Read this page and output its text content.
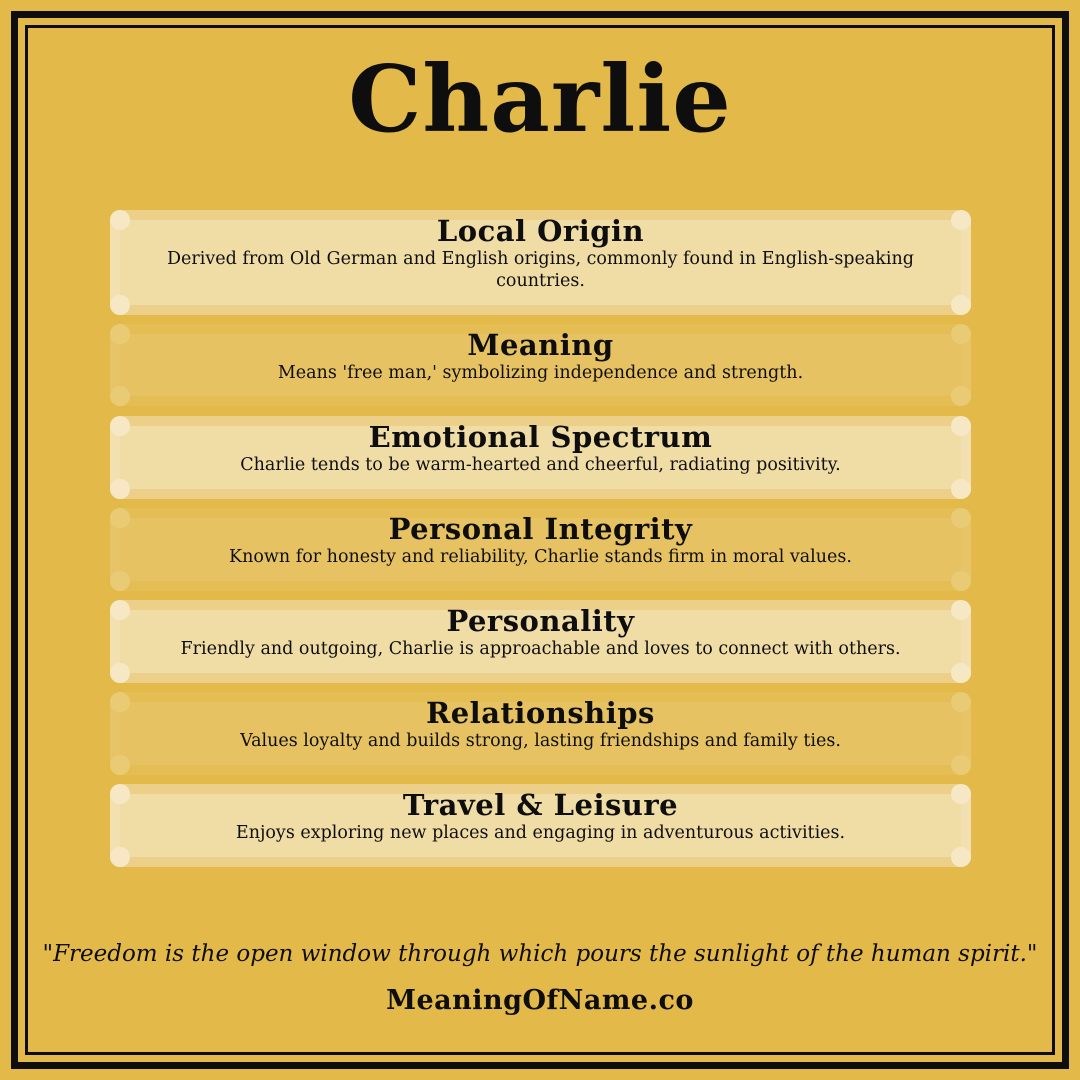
Charlie
Local Origin
Derived from Old German and English origins, commonly found in English-speaking countries.
Meaning
Means 'free man,' symbolizing independence and strength.
Emotional Spectrum
Charlie tends to be warm-hearted and cheerful, radiating positivity.
Personal Integrity
Known for honesty and reliability, Charlie stands firm in moral values.
Personality
Friendly and outgoing, Charlie is approachable and loves to connect with others.
Relationships
Values loyalty and builds strong, lasting friendships and family ties.
Travel & Leisure
Enjoys exploring new places and engaging in adventurous activities.
"Freedom is the open window through which pours the sunlight of the human spirit."
MeaningOfName.co
